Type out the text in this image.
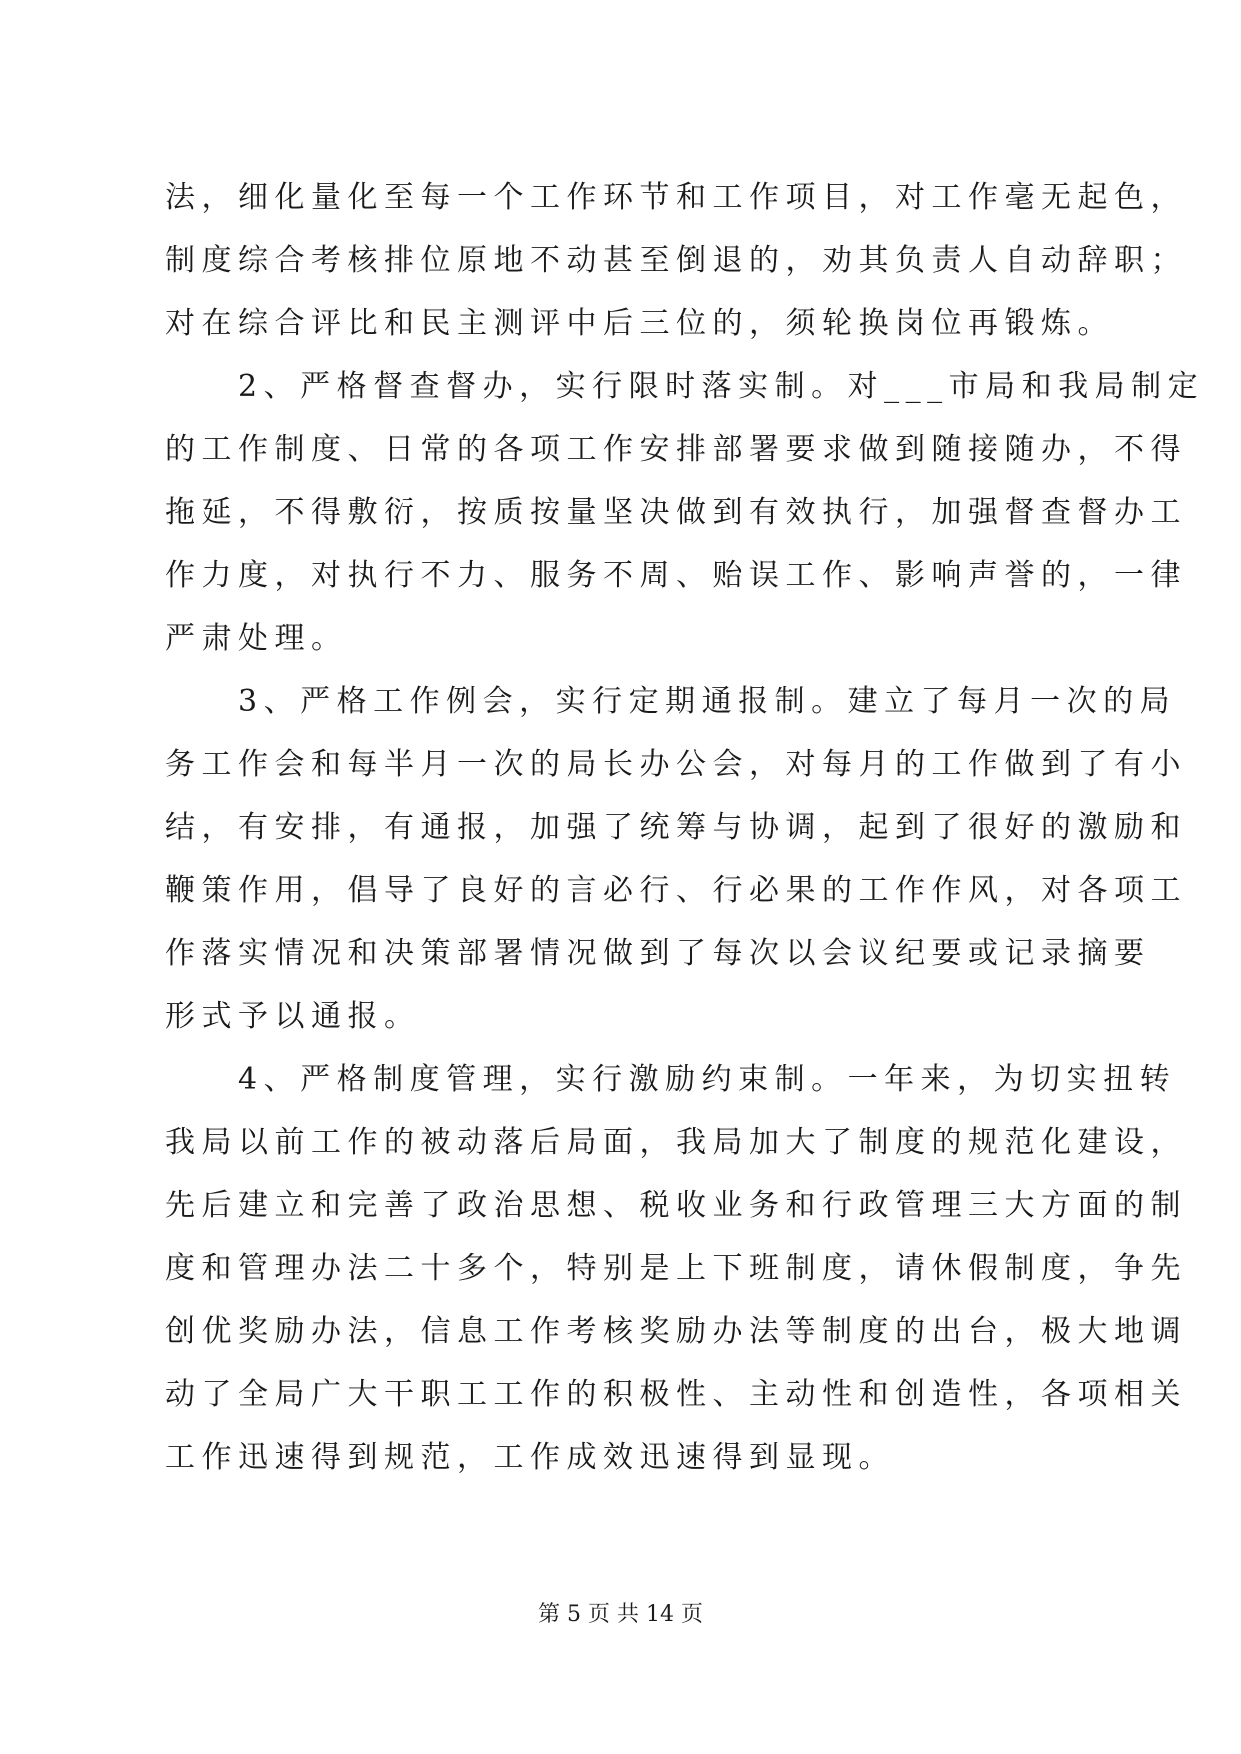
法，细化量化至每一个工作环节和工作项目，对工作毫无起色，
制度综合考核排位原地不动甚至倒退的，劝其负责人自动辞职；
对在综合评比和民主测评中后三位的，须轮换岗位再锻炼。
　　2、严格督查督办，实行限时落实制。对___市局和我局制定
的工作制度、日常的各项工作安排部署要求做到随接随办，不得
拖延，不得敷衍，按质按量坚决做到有效执行，加强督查督办工
作力度，对执行不力、服务不周、贻误工作、影响声誉的，一律
严肃处理。
　　3、严格工作例会，实行定期通报制。建立了每月一次的局
务工作会和每半月一次的局长办公会，对每月的工作做到了有小
结，有安排，有通报，加强了统筹与协调，起到了很好的激励和
鞭策作用，倡导了良好的言必行、行必果的工作作风，对各项工
作落实情况和决策部署情况做到了每次以会议纪要或记录摘要
形式予以通报。
　　4、严格制度管理，实行激励约束制。一年来，为切实扭转
我局以前工作的被动落后局面，我局加大了制度的规范化建设，
先后建立和完善了政治思想、税收业务和行政管理三大方面的制
度和管理办法二十多个，特别是上下班制度，请休假制度，争先
创优奖励办法，信息工作考核奖励办法等制度的出台，极大地调
动了全局广大干职工工作的积极性、主动性和创造性，各项相关
工作迅速得到规范，工作成效迅速得到显现。
第 5 页 共 14 页
